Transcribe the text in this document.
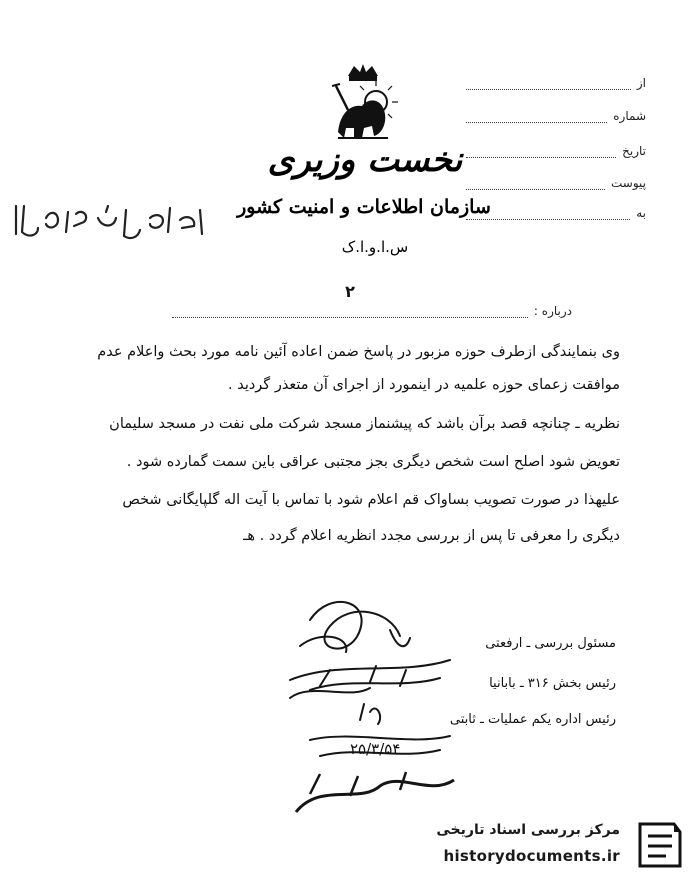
نخست وزیری
سازمان اطلاعات و امنیت کشور
س.ا.و.ا.ک
از
شماره
تاریخ
پیوست
به
۲
درباره :
وی بنمایندگی ازطرف حوزه مزبور در پاسخ ضمن اعاده آئین نامه مورد بحث واعلام عدم
موافقت زعمای حوزه علمیه در اینمورد از اجرای آن متعذر گردید .
نظریه ـ چنانچه قصد برآن باشد که پیشنماز مسجد شرکت ملی نفت در مسجد سلیمان
تعویض شود اصلح است شخص دیگری بجز مجتبی عراقی باین سمت گمارده شود .
علیهذا در صورت تصویب بساواک قم اعلام شود با تماس با آیت اله گلپایگانی شخص
دیگری را معرفی تا پس از بررسی مجدد انظریه اعلام گردد . هـ
مسئول بررسی ـ ارفعتی
رئیس بخش ۳۱۶ ـ بابانیا
رئیس اداره یکم عملیات ـ ثابتی
۲۵/۳/۵۴
مرکز بررسی اسناد تاریخی
historydocuments.ir
